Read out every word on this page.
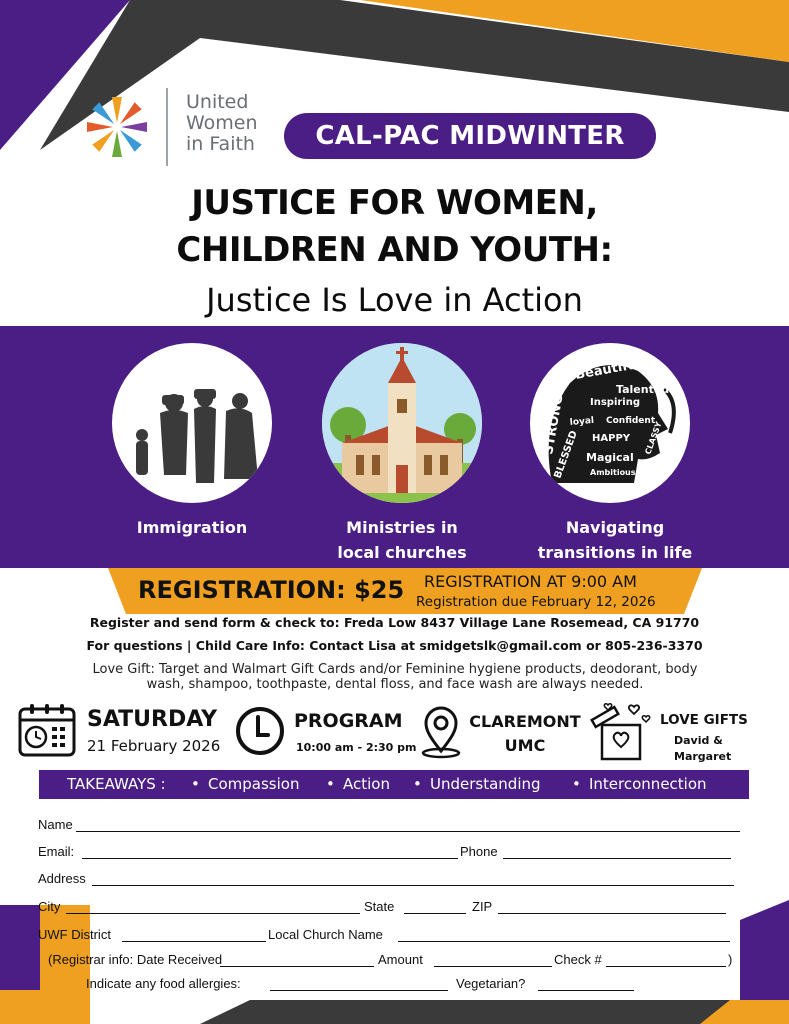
United
Women
in Faith	CAL-PAC MIDWINTER
JUSTICE FOR WOMEN,
CHILDREN AND YOUTH:
Justice Is Love in Action
Immigration	Ministries in
local churches
Beautiful
Talented
STRONG Inspiring
loyal Confident
BLESSED HAPPY
Magical
Ambitious
INDEPENDENT
CLASSY
Navigating
transitions in life
REGISTRATION: $25 REGISTRATION AT 9:00 AM
Registration due February 12, 2026
Register and send form & check to: Freda Low 8437 Village Lane Rosemead, CA 91770
For questions | Child Care Info: Contact Lisa at smidgetslk@gmail.com or 805-236-3370
Love Gift: Target and Walmart Gift Cards and/or Feminine hygiene products, deodorant, body
wash, shampoo, toothpaste, dental floss, and face wash are always needed.
SATURDAY
21 February 2026
PROGRAM
10:00 am - 2:30 pm
CLAREMONT
UMC
LOVE GIFTS
David &
Margaret
TAKEAWAYS : • Compassion • Action • Understanding • Interconnection
Name
Email:	Phone
Address
City	State	ZIP
UWF District	Local Church Name
(Registrar info: Date Received	Amount	Check #	)
Indicate any food allergies:	Vegetarian?
